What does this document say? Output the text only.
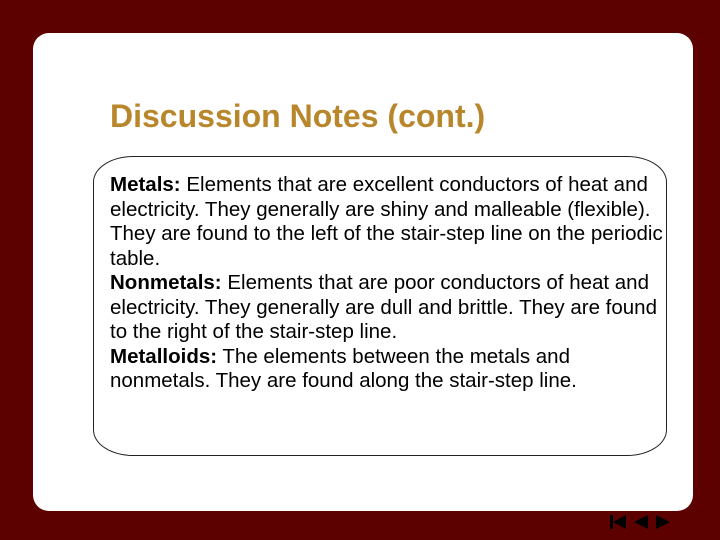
Discussion Notes (cont.)

Metals: Elements that are excellent conductors of heat and electricity. They generally are shiny and malleable (flexible). They are found to the left of the stair-step line on the periodic table.

Nonmetals: Elements that are poor conductors of heat and electricity. They generally are dull and brittle. They are found to the right of the stair-step line.

Metalloids: The elements between the metals and nonmetals. They are found along the stair-step line.
